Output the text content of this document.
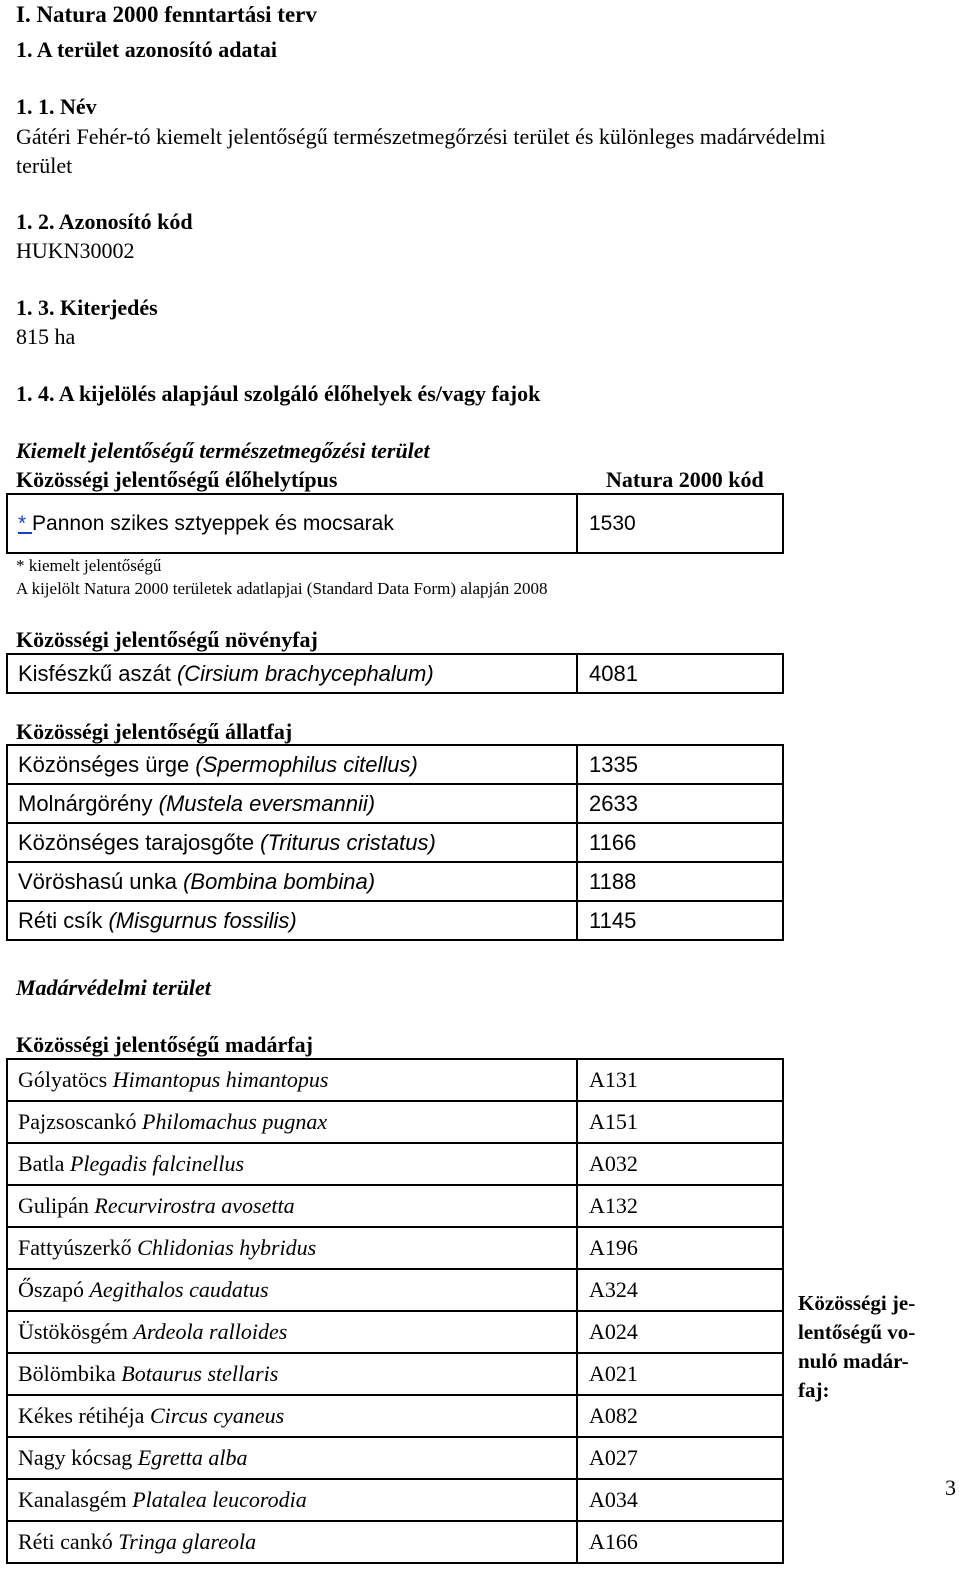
I. Natura 2000 fenntartási terv
1. A terület azonosító adatai
1. 1. Név
Gátéri Fehér-tó kiemelt jelentőségű természetmegőrzési terület és különleges madárvédelmi
terület
1. 2. Azonosító kód
HUKN30002
1. 3. Kiterjedés
815 ha
1. 4. A kijelölés alapjául szolgáló élőhelyek és/vagy fajok
Kiemelt jelentőségű természetmegőzési terület
Közösségi jelentőségű élőhelytípus	Natura 2000 kód
* Pannon szikes sztyeppek és mocsarak	1530
* kiemelt jelentőségű
A kijelölt Natura 2000 területek adatlapjai (Standard Data Form) alapján 2008
Közösségi jelentőségű növényfaj
Kisfészkű aszát (Cirsium brachycephalum)	4081
Közösségi jelentőségű állatfaj
Közönséges ürge (Spermophilus citellus)	1335
Molnárgörény (Mustela eversmannii)	2633
Közönséges tarajosgőte (Triturus cristatus)	1166
Vöröshasú unka (Bombina bombina)	1188
Réti csík (Misgurnus fossilis)	1145
Madárvédelmi terület
Közösségi jelentőségű madárfaj
Gólyatöcs Himantopus himantopus	A131
Pajzsoscankó Philomachus pugnax	A151
Batla Plegadis falcinellus	A032
Gulipán Recurvirostra avosetta	A132
Fattyúszerkő Chlidonias hybridus	A196
Őszapó Aegithalos caudatus	A324
Üstökösgém Ardeola ralloides	A024
Bölömbika Botaurus stellaris	A021
Kékes rétihéja Circus cyaneus	A082
Nagy kócsag Egretta alba	A027
Kanalasgém Platalea leucorodia	A034
Réti cankó Tringa glareola	A166
Közösségi je-
lentőségű vo-
nuló madár-
faj:
3
